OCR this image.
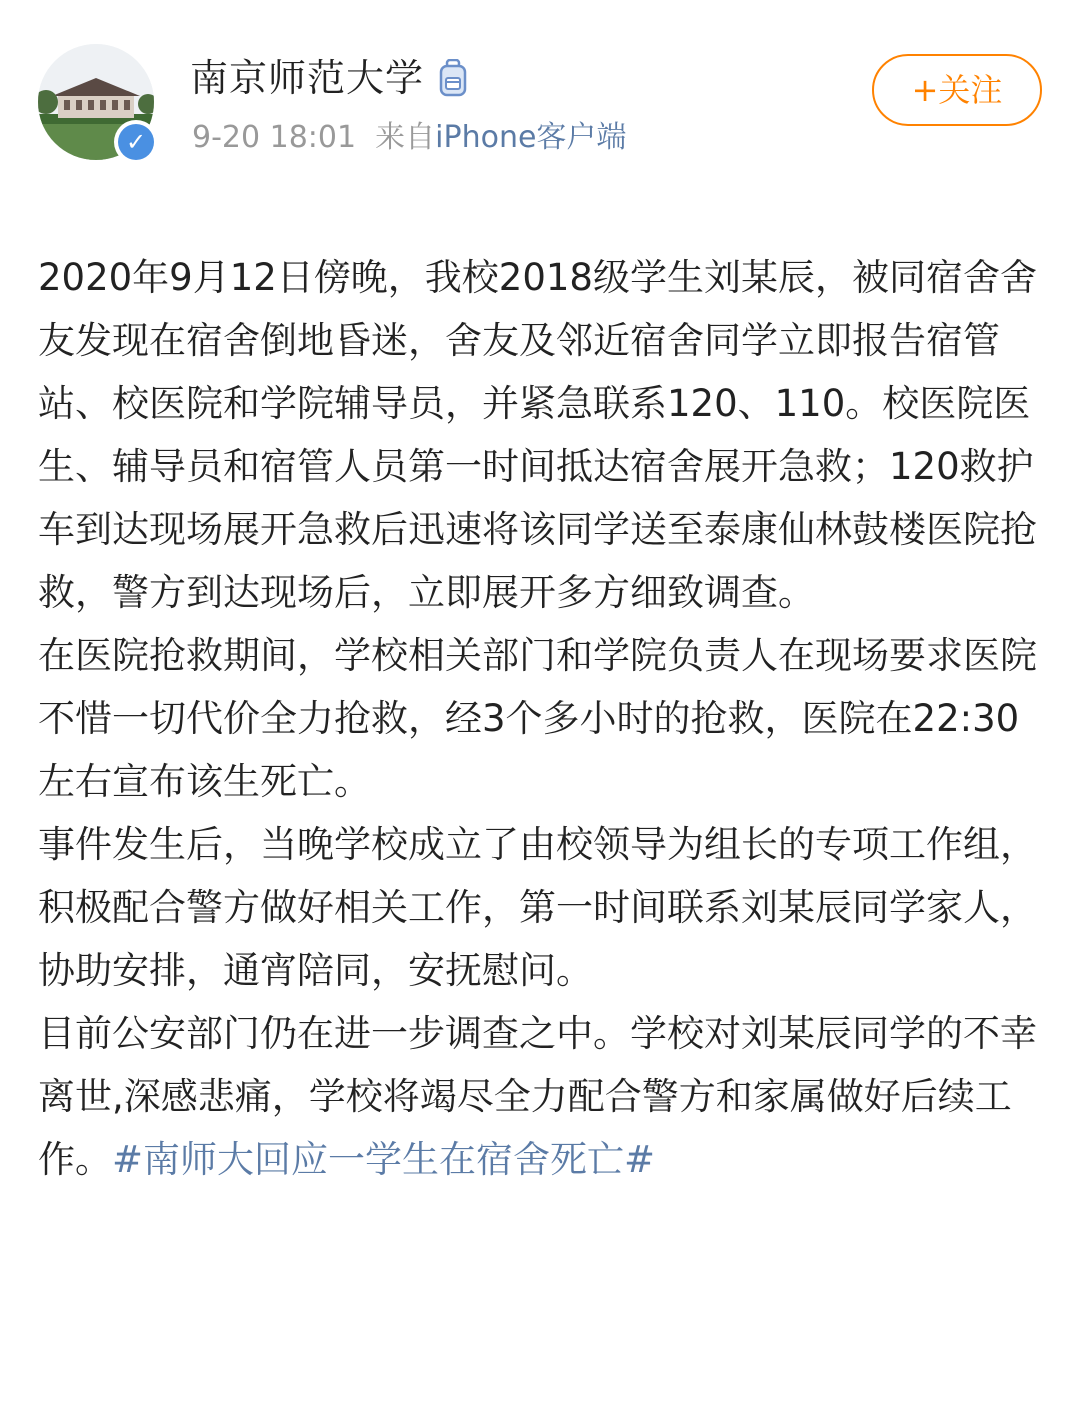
✓
南京师范大学
9-20 18:01 来自iPhone客户端
+关注

2020年9月12日傍晚，我校2018级学生刘某辰，被同宿舍舍友发现在宿舍倒地昏迷，舍友及邻近宿舍同学立即报告宿管站、校医院和学院辅导员，并紧急联系120、110。校医院医生、辅导员和宿管人员第一时间抵达宿舍展开急救；120救护车到达现场展开急救后迅速将该同学送至泰康仙林鼓楼医院抢救，警方到达现场后，立即展开多方细致调查。

在医院抢救期间，学校相关部门和学院负责人在现场要求医院不惜一切代价全力抢救，经3个多小时的抢救，医院在22:30左右宣布该生死亡。

事件发生后，当晚学校成立了由校领导为组长的专项工作组，积极配合警方做好相关工作，第一时间联系刘某辰同学家人，协助安排，通宵陪同，安抚慰问。

目前公安部门仍在进一步调查之中。学校对刘某辰同学的不幸离世,深感悲痛，学校将竭尽全力配合警方和家属做好后续工作。#南师大回应一学生在宿舍死亡#
